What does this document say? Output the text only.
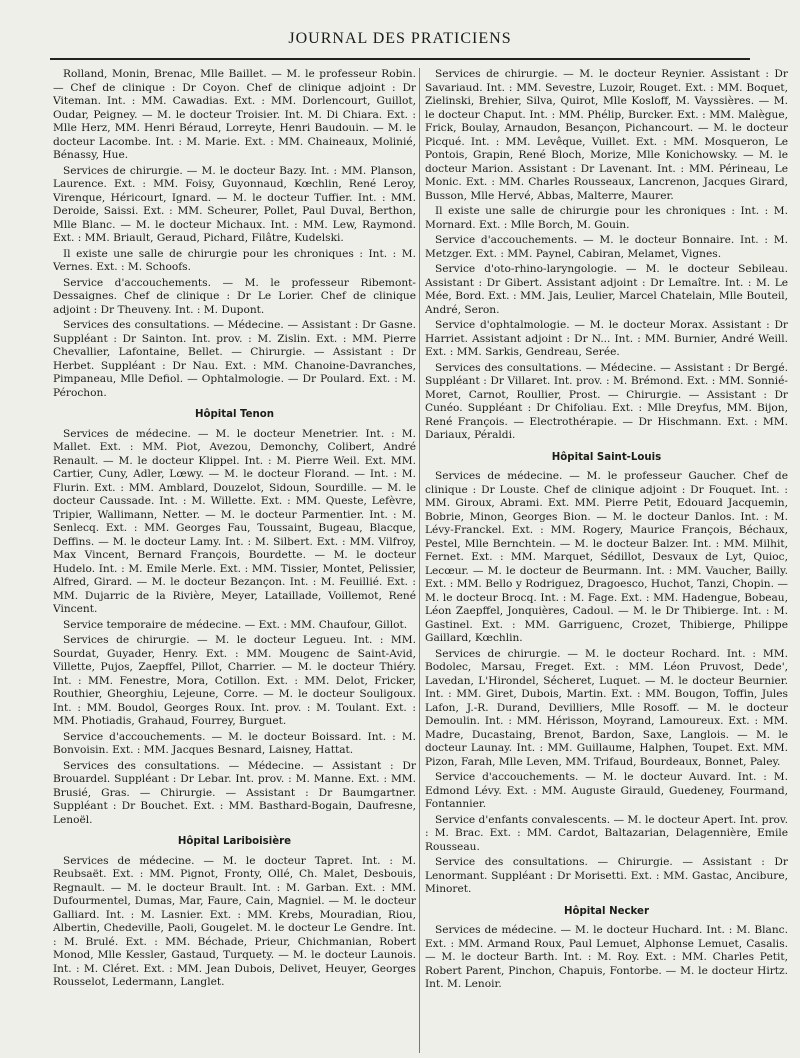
JOURNAL DES PRATICIENS

Rolland, Monin, Brenac, Mlle Baillet. — M. le professeur Robin. — Chef de clinique : Dr Coyon. Chef de clinique adjoint : Dr Viteman. Int. : MM. Cawadias. Ext. : MM. Dorlencourt, Guillot, Oudar, Peigney. — M. le docteur Troisier. Int. M. Di Chiara. Ext. : Mlle Herz, MM. Henri Béraud, Lorreyte, Henri Baudouin. — M. le docteur Lacombe. Int. : M. Marie. Ext. : MM. Chaineaux, Molinié, Bénassy, Hue.

Services de chirurgie. — M. le docteur Bazy. Int. : MM. Planson, Laurence. Ext. : MM. Foisy, Guyonnaud, Kœchlin, René Leroy, Virenque, Héricourt, Ignard. — M. le docteur Tuffier. Int. : MM. Deroide, Saissi. Ext. : MM. Scheurer, Pollet, Paul Duval, Berthon, Mlle Blanc. — M. le docteur Michaux. Int. : MM. Lew, Raymond. Ext. : MM. Briault, Geraud, Pichard, Filâtre, Kudelski.

Il existe une salle de chirurgie pour les chroniques : Int. : M. Vernes. Ext. : M. Schoofs.

Service d'accouchements. — M. le professeur Ribemont-Dessaignes. Chef de clinique : Dr Le Lorier. Chef de clinique adjoint : Dr Theuveny. Int. : M. Dupont.

Services des consultations. — Médecine. — Assistant : Dr Gasne. Suppléant : Dr Sainton. Int. prov. : M. Zislin. Ext. : MM. Pierre Chevallier, Lafontaine, Bellet. — Chirurgie. — Assistant : Dr Herbet. Suppléant : Dr Nau. Ext. : MM. Chanoine-Davranches, Pimpaneau, Mlle Defiol. — Ophtalmologie. — Dr Poulard. Ext. : M. Pérochon.

Hôpital Tenon

Services de médecine. — M. le docteur Menetrier. Int. : M. Mallet. Ext. : MM. Piot, Avezou, Demonchy, Colibert, André Renault. — M. le docteur Klippel. Int. : M. Pierre Weil. Ext. MM. Cartier, Cuny, Adler, Lœwy. — M. le docteur Florand. — Int. : M. Flurin. Ext. : MM. Amblard, Douzelot, Sidoun, Sourdille. — M. le docteur Caussade. Int. : M. Willette. Ext. : MM. Queste, Lefèvre, Tripier, Wallimann, Netter. — M. le docteur Parmentier. Int. : M. Senlecq. Ext. : MM. Georges Fau, Toussaint, Bugeau, Blacque, Deffins. — M. le docteur Lamy. Int. : M. Silbert. Ext. : MM. Vilfroy, Max Vincent, Bernard François, Bourdette. — M. le docteur Hudelo. Int. : M. Emile Merle. Ext. : MM. Tissier, Montet, Pelissier, Alfred, Girard. — M. le docteur Bezançon. Int. : M. Feuillié. Ext. : MM. Dujarric de la Rivière, Meyer, Lataillade, Voillemot, René Vincent.

Service temporaire de médecine. — Ext. : MM. Chaufour, Gillot.

Services de chirurgie. — M. le docteur Legueu. Int. : MM. Sourdat, Guyader, Henry. Ext. : MM. Mougenc de Saint-Avid, Villette, Pujos, Zaepffel, Pillot, Charrier. — M. le docteur Thiéry. Int. : MM. Fenestre, Mora, Cotillon. Ext. : MM. Delot, Fricker, Routhier, Gheorghiu, Lejeune, Corre. — M. le docteur Souligoux. Int. : MM. Boudol, Georges Roux. Int. prov. : M. Toulant. Ext. : MM. Photiadis, Grahaud, Fourrey, Burguet.

Service d'accouchements. — M. le docteur Boissard. Int. : M. Bonvoisin. Ext. : MM. Jacques Besnard, Laisney, Hattat.

Services des consultations. — Médecine. — Assistant : Dr Brouardel. Suppléant : Dr Lebar. Int. prov. : M. Manne. Ext. : MM. Brusié, Gras. — Chirurgie. — Assistant : Dr Baumgartner. Suppléant : Dr Bouchet. Ext. : MM. Basthard-Bogain, Daufresne, Lenoël.

Hôpital Lariboisière

Services de médecine. — M. le docteur Tapret. Int. : M. Reubsaët. Ext. : MM. Pignot, Fronty, Ollé, Ch. Malet, Desbouis, Regnault. — M. le docteur Brault. Int. : M. Garban. Ext. : MM. Dufourmentel, Dumas, Mar, Faure, Cain, Magniel. — M. le docteur Galliard. Int. : M. Lasnier. Ext. : MM. Krebs, Mouradian, Riou, Albertin, Chedeville, Paoli, Gougelet. M. le docteur Le Gendre. Int. : M. Brulé. Ext. : MM. Béchade, Prieur, Chichmanian, Robert Monod, Mlle Kessler, Gastaud, Turquety. — M. le docteur Launois. Int. : M. Cléret. Ext. : MM. Jean Dubois, Delivet, Heuyer, Georges Rousselot, Ledermann, Langlet.

Services de chirurgie. — M. le docteur Reynier. Assistant : Dr Savariaud. Int. : MM. Sevestre, Luzoir, Rouget. Ext. : MM. Boquet, Zielinski, Brehier, Silva, Quirot, Mlle Kosloff, M. Vayssières. — M. le docteur Chaput. Int. : MM. Phélip, Burcker. Ext. : MM. Malègue, Frick, Boulay, Arnaudon, Besançon, Pichancourt. — M. le docteur Picqué. Int. : MM. Levêque, Vuillet. Ext. : MM. Mosqueron, Le Pontois, Grapin, René Bloch, Morize, Mlle Konichowsky. — M. le docteur Marion. Assistant : Dr Lavenant. Int. : MM. Périneau, Le Monic. Ext. : MM. Charles Rousseaux, Lancrenon, Jacques Girard, Busson, Mlle Hervé, Abbas, Malterre, Maurer.

Il existe une salle de chirurgie pour les chroniques : Int. : M. Mornard. Ext. : Mlle Borch, M. Gouin.

Service d'accouchements. — M. le docteur Bonnaire. Int. : M. Metzger. Ext. : MM. Paynel, Cabiran, Melamet, Vignes.

Service d'oto-rhino-laryngologie. — M. le docteur Sebileau. Assistant : Dr Gibert. Assistant adjoint : Dr Lemaître. Int. : M. Le Mée, Bord. Ext. : MM. Jais, Leulier, Marcel Chatelain, Mlle Bouteil, André, Seron.

Service d'ophtalmologie. — M. le docteur Morax. Assistant : Dr Harriet. Assistant adjoint : Dr N... Int. : MM. Burnier, André Weill. Ext. : MM. Sarkis, Gendreau, Serée.

Services des consultations. — Médecine. — Assistant : Dr Bergé. Suppléant : Dr Villaret. Int. prov. : M. Brémond. Ext. : MM. Sonnié-Moret, Carnot, Roullier, Prost. — Chirurgie. — Assistant : Dr Cunéo. Suppléant : Dr Chifoliau. Ext. : Mlle Dreyfus, MM. Bijon, René François. — Electrothérapie. — Dr Hischmann. Ext. : MM. Dariaux, Péraldi.

Hôpital Saint-Louis

Services de médecine. — M. le professeur Gaucher. Chef de clinique : Dr Louste. Chef de clinique adjoint : Dr Fouquet. Int. : MM. Giroux, Abrami. Ext. MM. Pierre Petit, Edouard Jacquemin, Bobrie, Minon, Georges Bion. — M. le docteur Danlos. Int. : M. Lévy-Franckel. Ext. : MM. Rogery, Maurice François, Béchaux, Pestel, Mlle Bernchtein. — M. le docteur Balzer. Int. : MM. Milhit, Fernet. Ext. : MM. Marquet, Sédillot, Desvaux de Lyt, Quioc, Lecœur. — M. le docteur de Beurmann. Int. : MM. Vaucher, Bailly. Ext. : MM. Bello y Rodriguez, Dragoesco, Huchot, Tanzi, Chopin. — M. le docteur Brocq. Int. : M. Fage. Ext. : MM. Hadengue, Bobeau, Léon Zaepffel, Jonquières, Cadoul. — M. le Dr Thibierge. Int. : M. Gastinel. Ext. : MM. Garriguenc, Crozet, Thibierge, Philippe Gaillard, Kœchlin.

Services de chirurgie. — M. le docteur Rochard. Int. : MM. Bodolec, Marsau, Freget. Ext. : MM. Léon Pruvost, Dede', Lavedan, L'Hirondel, Sécheret, Luquet. — M. le docteur Beurnier. Int. : MM. Giret, Dubois, Martin. Ext. : MM. Bougon, Toffin, Jules Lafon, J.-R. Durand, Devilliers, Mlle Rosoff. — M. le docteur Demoulin. Int. : MM. Hérisson, Moyrand, Lamoureux. Ext. : MM. Madre, Ducastaing, Brenot, Bardon, Saxe, Langlois. — M. le docteur Launay. Int. : MM. Guillaume, Halphen, Toupet. Ext. MM. Pizon, Farah, Mlle Leven, MM. Trifaud, Bourdeaux, Bonnet, Paley.

Service d'accouchements. — M. le docteur Auvard. Int. : M. Edmond Lévy. Ext. : MM. Auguste Girauld, Guedeney, Fourmand, Fontannier.

Service d'enfants convalescents. — M. le docteur Apert. Int. prov. : M. Brac. Ext. : MM. Cardot, Baltazarian, Delagennière, Emile Rousseau.

Service des consultations. — Chirurgie. — Assistant : Dr Lenormant. Suppléant : Dr Morisetti. Ext. : MM. Gastac, Ancibure, Minoret.

Hôpital Necker

Services de médecine. — M. le docteur Huchard. Int. : M. Blanc. Ext. : MM. Armand Roux, Paul Lemuet, Alphonse Lemuet, Casalis. — M. le docteur Barth. Int. : M. Roy. Ext. : MM. Charles Petit, Robert Parent, Pinchon, Chapuis, Fontorbe. — M. le docteur Hirtz. Int. M. Lenoir.
